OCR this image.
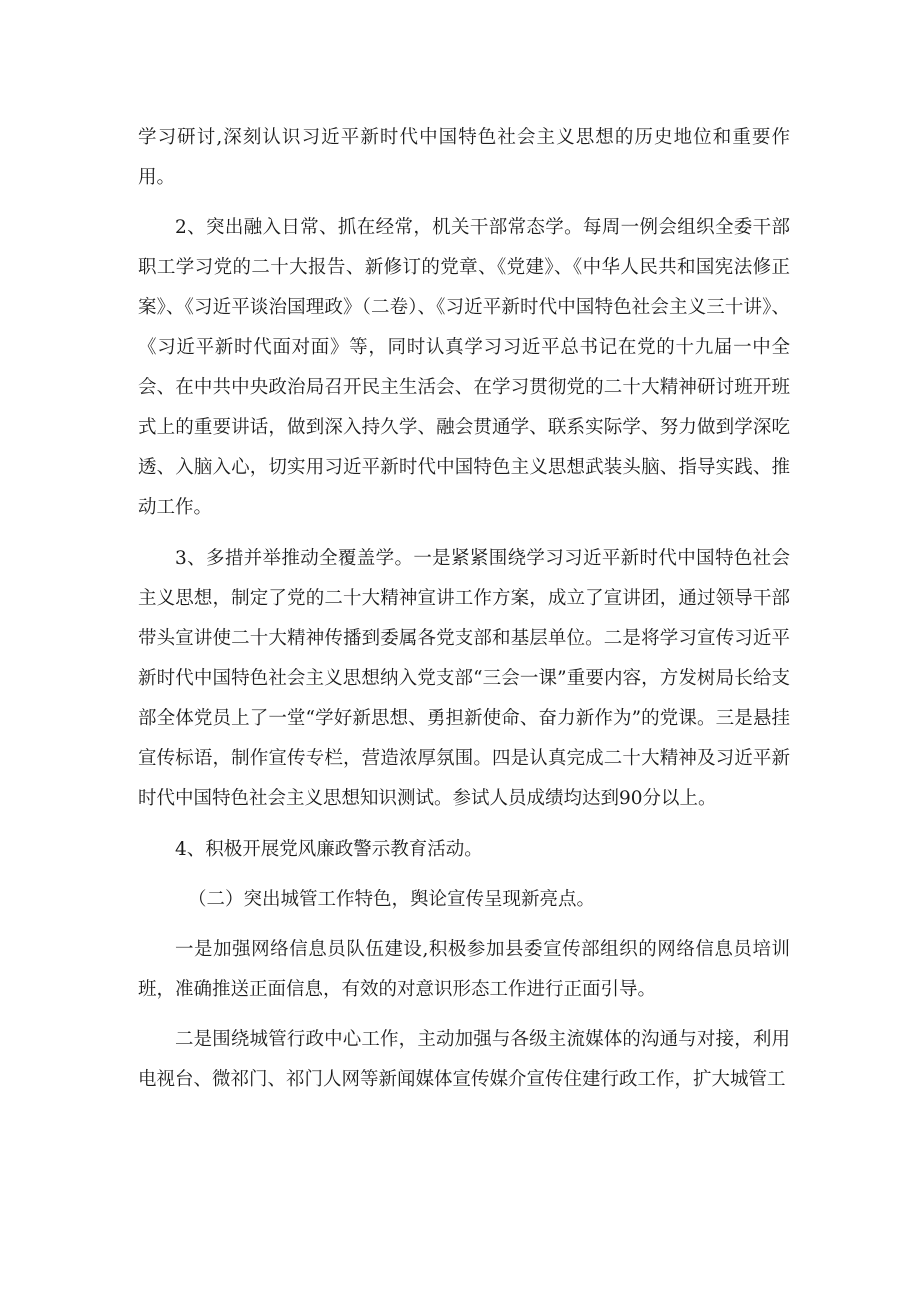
学习研讨,深刻认识习近平新时代中国特色社会主义思想的历史地位和重要作用。

2、突出融入日常、抓在经常，机关干部常态学。每周一例会组织全委干部职工学习党的二十大报告、新修订的党章、《党建》、《中华人民共和国宪法修正案》、《习近平谈治国理政》（二卷）、《习近平新时代中国特色社会主义三十讲》、《习近平新时代面对面》等，同时认真学习习近平总书记在党的十九届一中全会、在中共中央政治局召开民主生活会、在学习贯彻党的二十大精神研讨班开班式上的重要讲话，做到深入持久学、融会贯通学、联系实际学、努力做到学深吃透、入脑入心，切实用习近平新时代中国特色主义思想武装头脑、指导实践、推动工作。

3、多措并举推动全覆盖学。一是紧紧围绕学习习近平新时代中国特色社会主义思想，制定了党的二十大精神宣讲工作方案，成立了宣讲团，通过领导干部带头宣讲使二十大精神传播到委属各党支部和基层单位。二是将学习宣传习近平新时代中国特色社会主义思想纳入党支部“三会一课”重要内容，方发树局长给支部全体党员上了一堂“学好新思想、勇担新使命、奋力新作为”的党课。三是悬挂宣传标语，制作宣传专栏，营造浓厚氛围。四是认真完成二十大精神及习近平新时代中国特色社会主义思想知识测试。参试人员成绩均达到90分以上。

4、积极开展党风廉政警示教育活动。

（二）突出城管工作特色，舆论宣传呈现新亮点。

一是加强网络信息员队伍建设,积极参加县委宣传部组织的网络信息员培训班，准确推送正面信息，有效的对意识形态工作进行正面引导。

二是围绕城管行政中心工作，主动加强与各级主流媒体的沟通与对接，利用电视台、微祁门、祁门人网等新闻媒体宣传媒介宣传住建行政工作，扩大城管工
